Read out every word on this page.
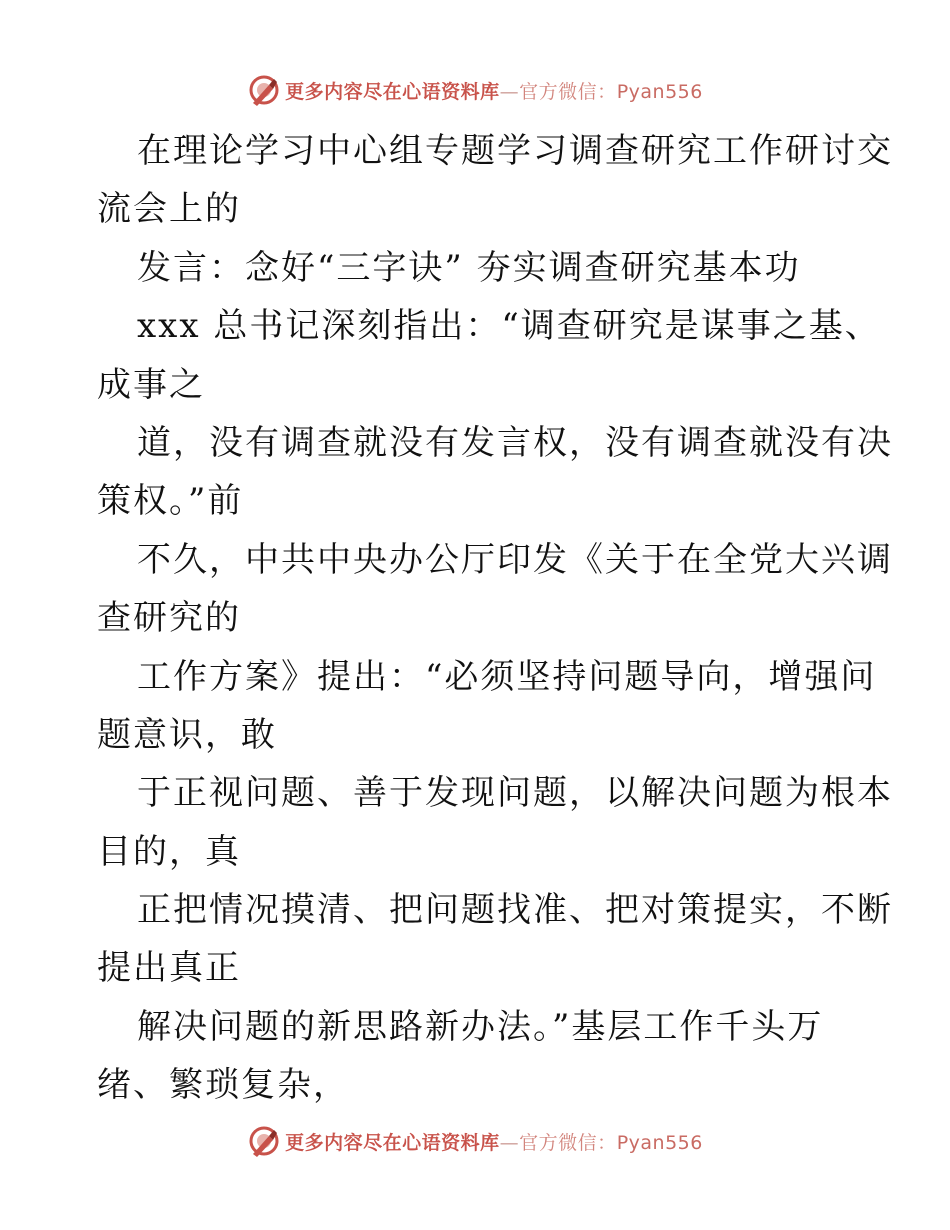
更多内容尽在心语资料库—官方微信：Pyan556
在理论学习中心组专题学习调查研究工作研讨交
流会上的
发言：念好“三字诀” 夯实调查研究基本功
xxx 总书记深刻指出：“调查研究是谋事之基、
成事之
道，没有调查就没有发言权，没有调查就没有决
策权。”前
不久，中共中央办公厅印发《关于在全党大兴调
查研究的
工作方案》提出：“必须坚持问题导向，增强问
题意识，敢
于正视问题、善于发现问题，以解决问题为根本
目的，真
正把情况摸清、把问题找准、把对策提实，不断
提出真正
解决问题的新思路新办法。”基层工作千头万
绪、繁琐复杂，
更多内容尽在心语资料库—官方微信：Pyan556
